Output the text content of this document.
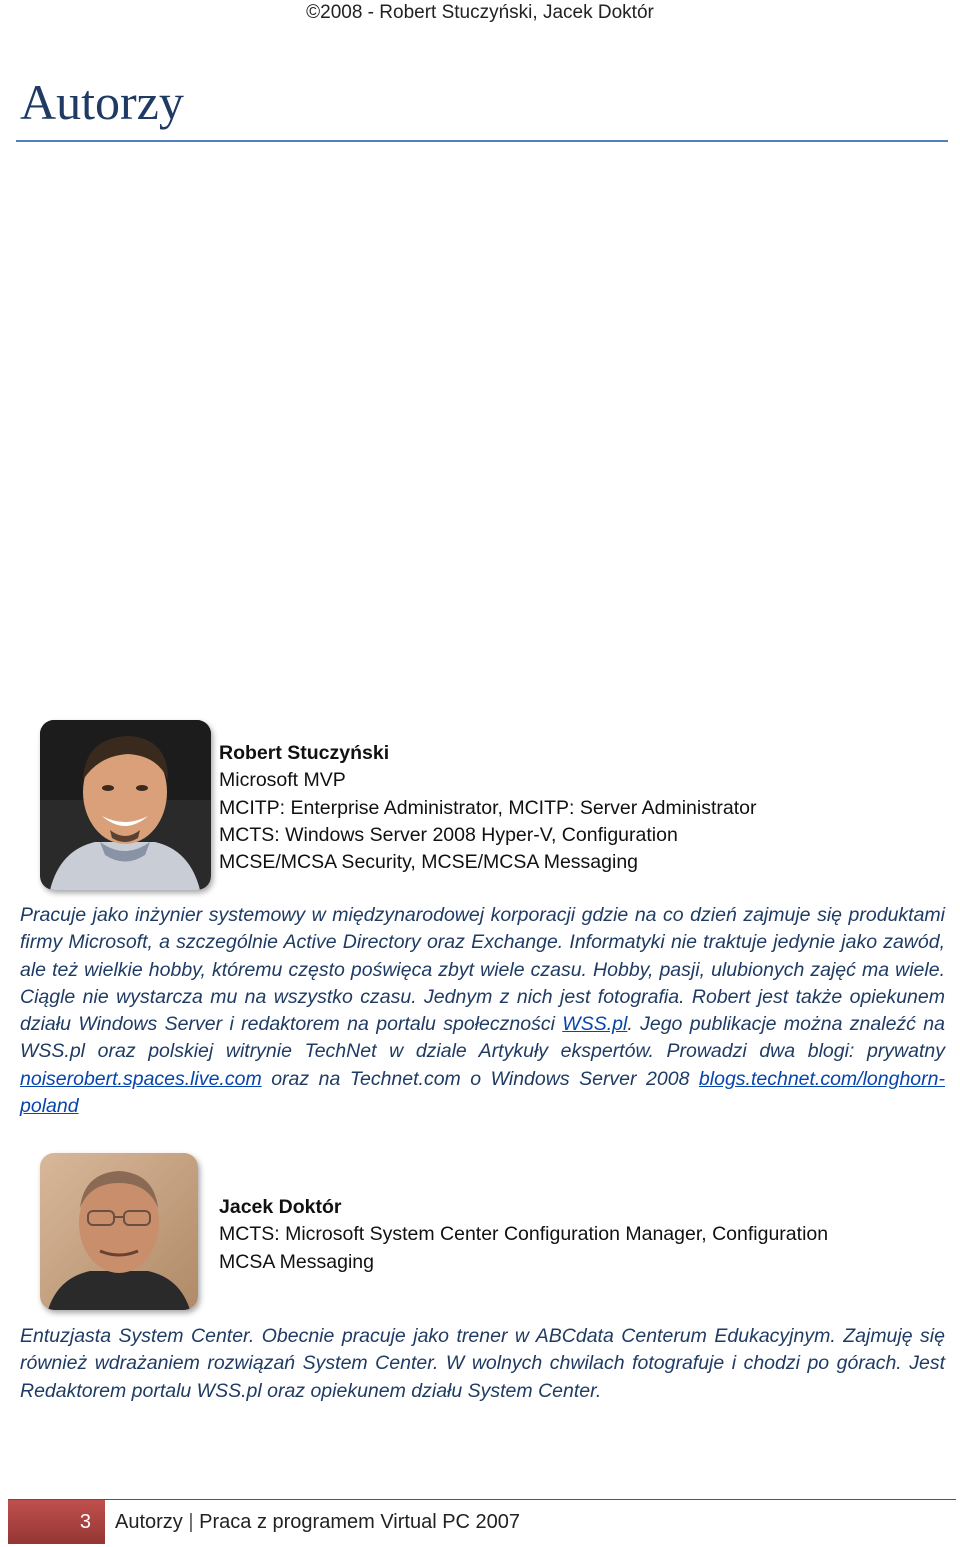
©2008 - Robert Stuczyński, Jacek Doktór
Autorzy
Robert Stuczyński
Microsoft MVP
MCITP: Enterprise Administrator, MCITP: Server Administrator
MCTS: Windows Server 2008 Hyper-V, Configuration
MCSE/MCSA Security, MCSE/MCSA Messaging
Pracuje jako inżynier systemowy w międzynarodowej korporacji gdzie na co dzień zajmuje się produktami firmy Microsoft, a szczególnie Active Directory oraz Exchange. Informatyki nie traktuje jedynie jako zawód, ale też wielkie hobby, któremu często poświęca zbyt wiele czasu. Hobby, pasji, ulubionych zajęć ma wiele. Ciągle nie wystarcza mu na wszystko czasu. Jednym z nich jest fotografia. Robert jest także opiekunem działu Windows Server i redaktorem na portalu społeczności WSS.pl. Jego publikacje można znaleźć na WSS.pl oraz polskiej witrynie TechNet w dziale Artykuły ekspertów. Prowadzi dwa blogi: prywatny noiserobert.spaces.live.com oraz na Technet.com o Windows Server 2008 blogs.technet.com/longhorn-poland
Jacek Doktór
MCTS: Microsoft System Center Configuration Manager, Configuration
MCSA Messaging
Entuzjasta System Center. Obecnie pracuje jako trener w ABCdata Centerum Edukacyjnym. Zajmuję się również wdrażaniem rozwiązań System Center. W wolnych chwilach fotografuje i chodzi po górach. Jest Redaktorem portalu WSS.pl oraz opiekunem działu System Center.
3	Autorzy | Praca z programem Virtual PC 2007
